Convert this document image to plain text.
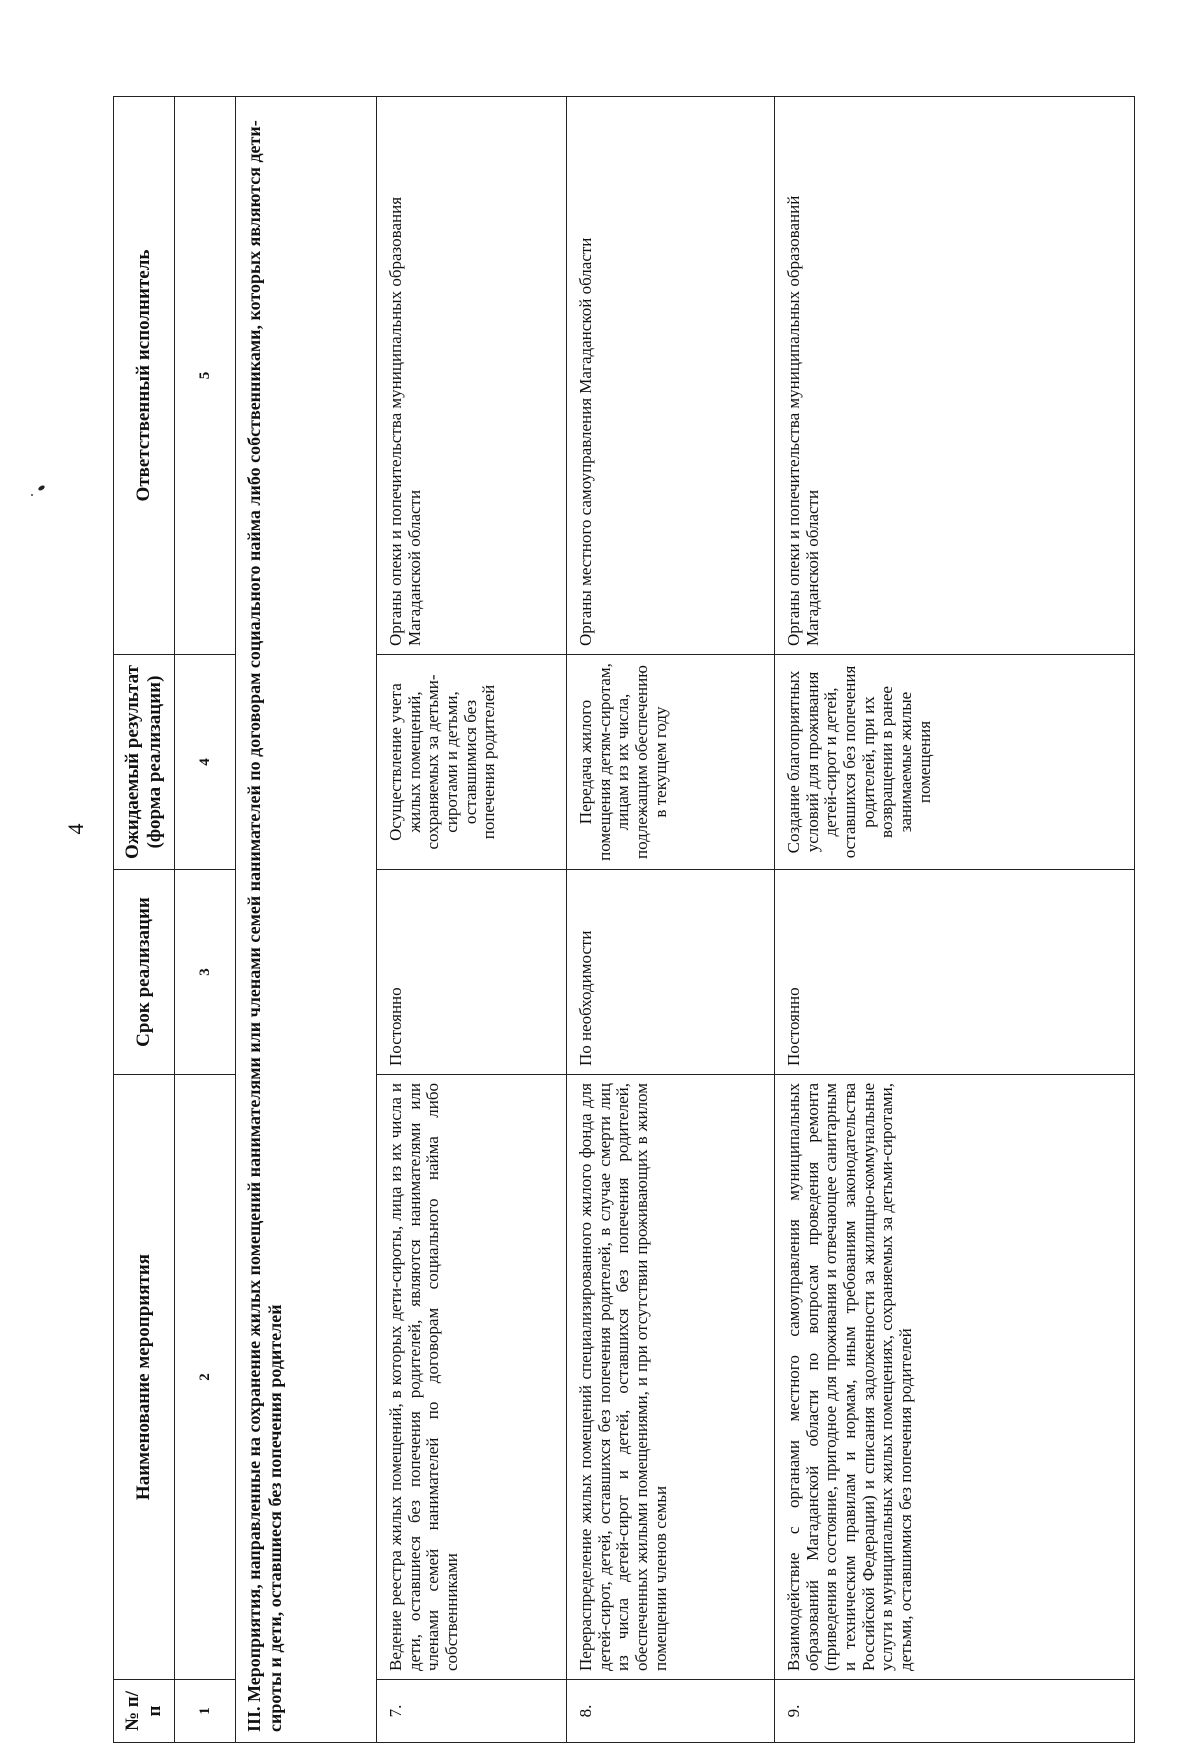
4
№ п/п	Наименование мероприятия	Срок реализации	Ожидаемый результат (форма реализации)	Ответственный исполнитель
1	2	3	4	5
III. Мероприятия, направленные на сохранение жилых помещений нанимателями или членами семей нанимателей по договорам социального найма либо собственниками, которых являются дети-сироты и дети, оставшиеся без попечения родителей				
7.	Ведение реестра жилых помещений, в которых дети-сироты, лица из их числа и дети, оставшиеся без попечения родителей, являются нанимателями или членами семей нанимателей по договорам социального найма либо собственниками	Постоянно	Осуществление учета жилых помещений, сохраняемых за детьми-сиротами и детьми, оставшимися без попечения родителей	Органы опеки и попечительства муниципальных образования Магаданской области
8.	Перераспределение жилых помещений специализированного жилого фонда для детей-сирот, детей, оставшихся без попечения родителей, в случае смерти лиц из числа детей-сирот и детей, оставшихся без попечения родителей, обеспеченных жилыми помещениями, и при отсутствии проживающих в жилом помещении членов семьи	По необходимости	Передача жилого помещения детям-сиротам, лицам из их числа, подлежащим обеспечению в текущем году	Органы местного самоуправления Магаданской области
9.	Взаимодействие с органами местного самоуправления муниципальных образований Магаданской области по вопросам проведения ремонта (приведения в состояние, пригодное для проживания и отвечающее санитарным и техническим правилам и нормам, иным требованиям законодательства Российской Федерации) и списания задолженности за жилищно-коммунальные услуги в муниципальных жилых помещениях, сохраняемых за детьми-сиротами, детьми, оставшимися без попечения родителей	Постоянно	Создание благоприятных условий для проживания детей-сирот и детей, оставшихся без попечения родителей, при их возвращении в ранее занимаемые жилые помещения	Органы опеки и попечительства муниципальных образований Магаданской области
